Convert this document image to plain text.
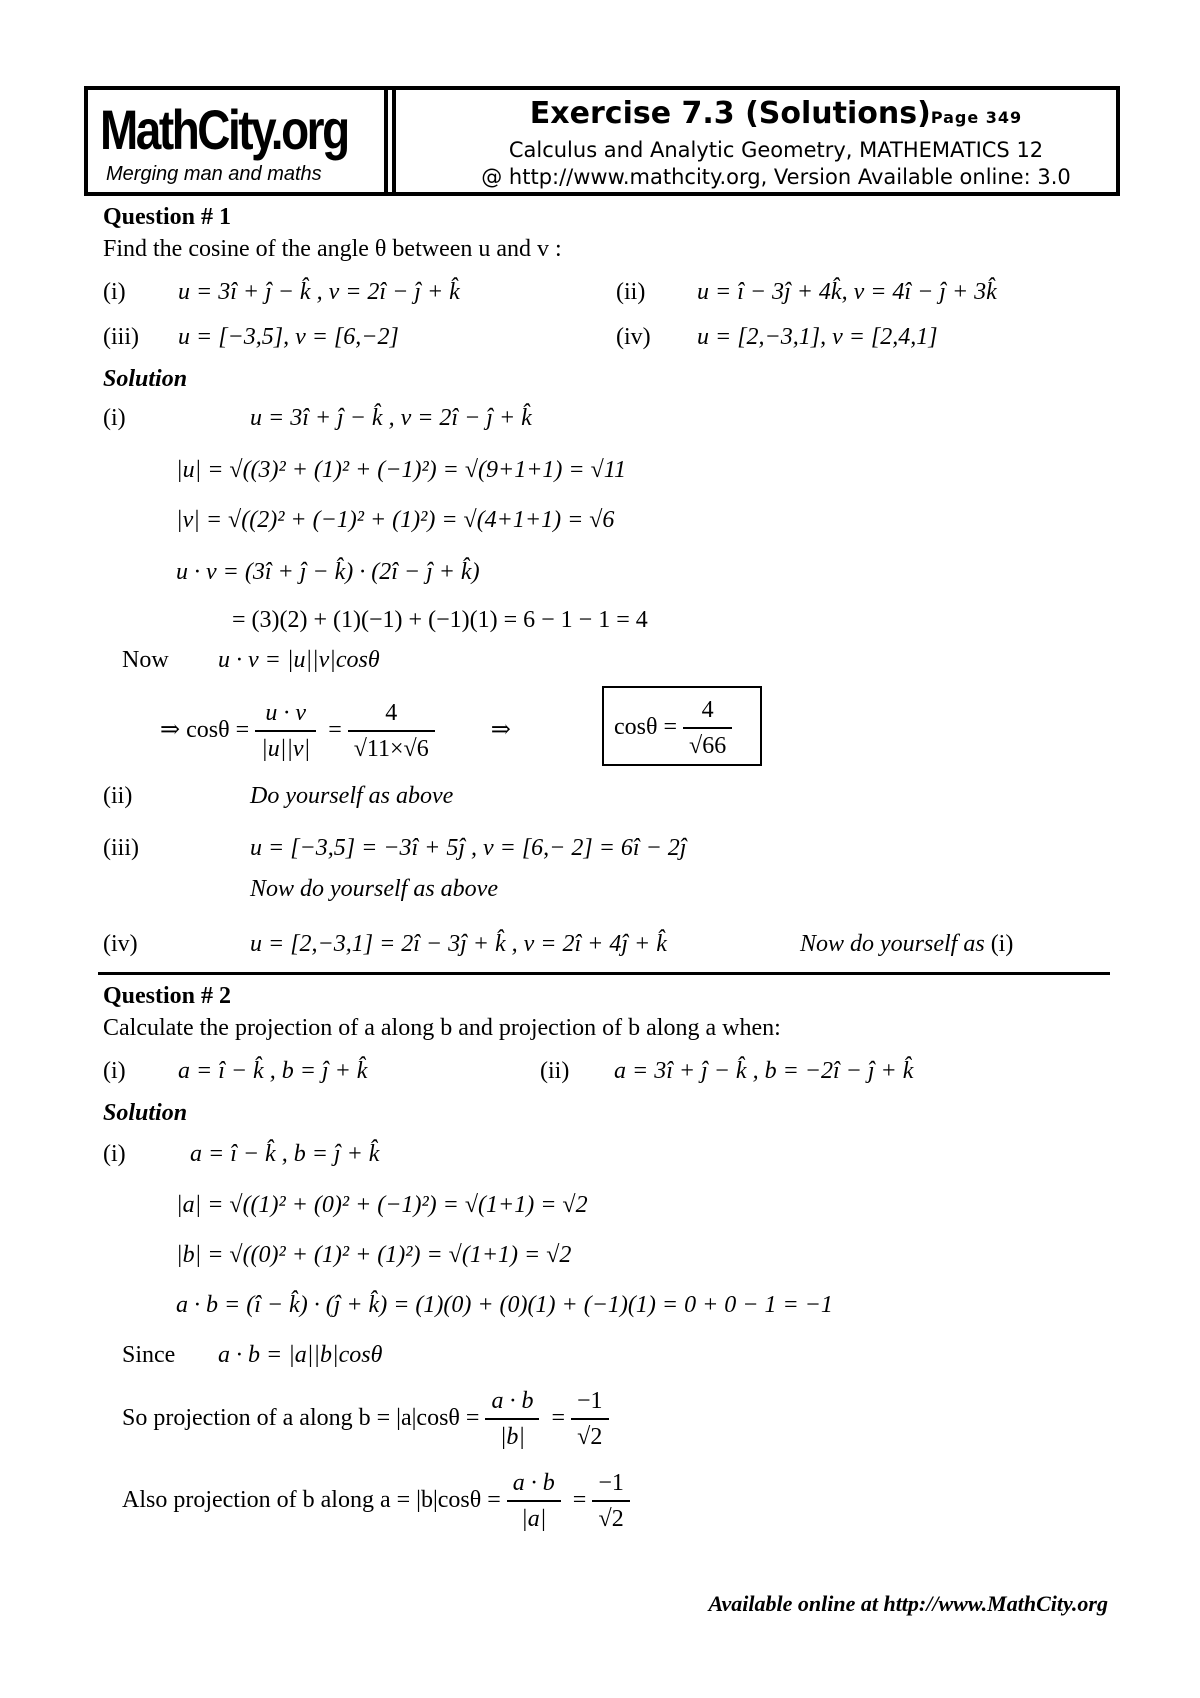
MathCity.org
Merging man and maths
Exercise 7.3 (Solutions)Page 349
Calculus and Analytic Geometry, MATHEMATICS 12
@ http://www.mathcity.org, Version Available online: 3.0
Question # 1
Find the cosine of the angle θ between u and v :
(i) u = 3î + ĵ − k̂ , v = 2î − ĵ + k̂	(ii) u = î − 3ĵ + 4k̂, v = 4î − ĵ + 3k̂
(iii) u = [−3,5], v = [6,−2]	(iv) u = [2,−3,1], v = [2,4,1]
Solution
(i)	u = 3î + ĵ − k̂ , v = 2î − ĵ + k̂
|u| = √((3)² + (1)² + (−1)²) = √(9+1+1) = √11
|v| = √((2)² + (−1)² + (1)²) = √(4+1+1) = √6
u · v = (3î + ĵ − k̂) · (2î − ĵ + k̂)
= (3)(2) + (1)(−1) + (−1)(1) = 6 − 1 − 1 = 4
Now u · v = |u||v|cosθ
⇒ $\cos\theta = \frac{u \cdot v}{|u||v|} = \frac{4}{√11\times√6}$ ⇒	$\cos\theta = \frac{4}{√66}$
(ii)	Do yourself as above
(iii)	u = [−3,5] = −3î + 5ĵ , v = [6,− 2] = 6î − 2ĵ
Now do yourself as above
(iv)	u = [2,−3,1] = 2î − 3ĵ + k̂ , v = 2î + 4ĵ + k̂	Now do yourself as (i)
Question # 2
Calculate the projection of a along b and projection of b along a when:
(i) a = î − k̂ , b = ĵ + k̂	(ii) a = 3î + ĵ − k̂ , b = −2î − ĵ + k̂
Solution
(i)	a = î − k̂ , b = ĵ + k̂
|a| = √((1)² + (0)² + (−1)²) = √(1+1) = √2
|b| = √((0)² + (1)² + (1)²) = √(1+1) = √2
a · b = (î − k̂) · (ĵ + k̂) = (1)(0) + (0)(1) + (−1)(1) = 0 + 0 − 1 = −1
Since a · b = |a||b|cosθ
So projection of a along $b = |a|\cos\theta = \frac{a \cdot b}{|b|} = \frac{-1}{√2}$
Also projection of b along $a = |b|\cos\theta = \frac{a \cdot b}{|a|} = \frac{-1}{√2}$
Available online at http://www.MathCity.org
